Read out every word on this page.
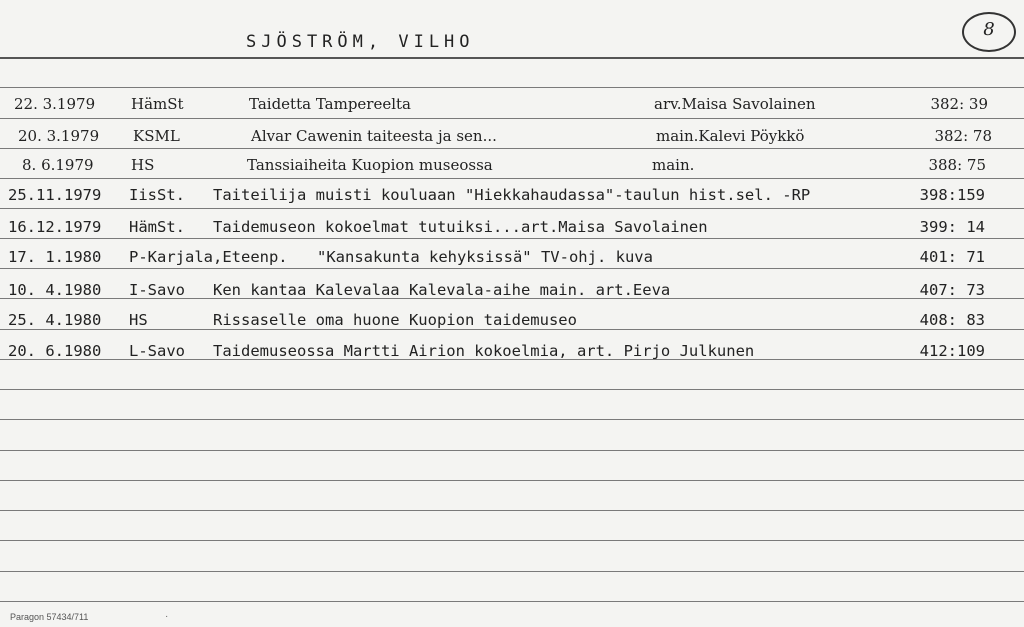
SJÖSTRÖM, VILHO
8
22. 3.1979 HämSt	Taidetta Tampereelta	arv.Maisa Savolainen	382: 39
20. 3.1979 KSML	Alvar Cawenin taiteesta ja sen...	main.Kalevi Pöykkö	382: 78
8. 6.1979 HS	Tanssiaiheita Kuopion museossa	main.	388: 75
25.11.1979 IisSt. Taiteilija muisti kouluaan "Hiekkahaudassa"-taulun hist.sel. -RP	398:159
16.12.1979 HämSt. Taidemuseon kokoelmat tutuiksi...art.Maisa Savolainen	399: 14
17. 1.1980 P-Karjala,Eteenp. "Kansakunta kehyksissä" TV-ohj. kuva	401: 71
10. 4.1980 I-Savo Ken kantaa Kalevalaa Kalevala-aihe main. art.Eeva	407: 73
25. 4.1980 HS	Rissaselle oma huone Kuopion taidemuseo	408: 83
20. 6.1980 L-Savo Taidemuseossa Martti Airion kokoelmia, art. Pirjo Julkunen	412:109
Paragon 57434/711	·
